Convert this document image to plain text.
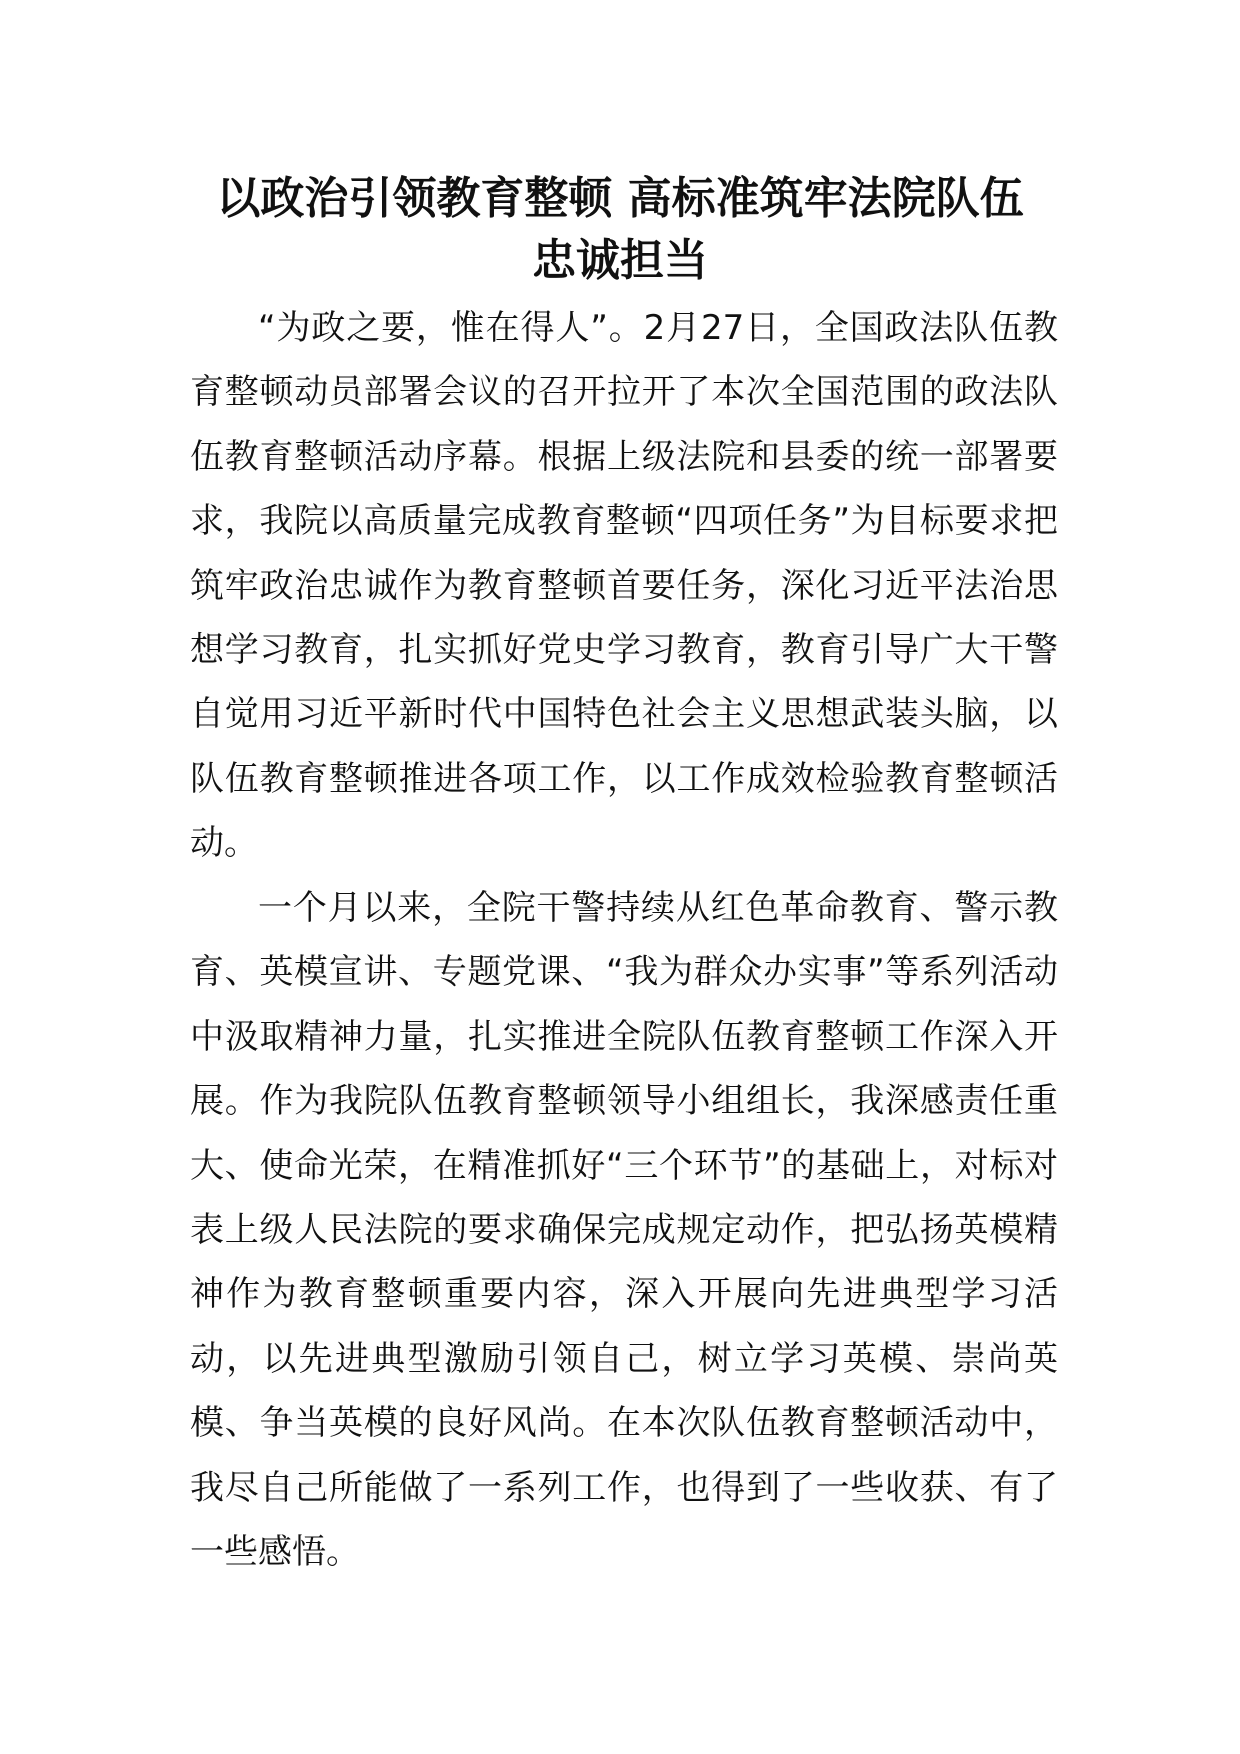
以政治引领教育整顿 高标准筑牢法院队伍
忠诚担当

“为政之要，惟在得人”。2月27日，全国政法队伍教育整顿动员部署会议的召开拉开了本次全国范围的政法队伍教育整顿活动序幕。根据上级法院和县委的统一部署要求，我院以高质量完成教育整顿“四项任务”为目标要求把筑牢政治忠诚作为教育整顿首要任务，深化习近平法治思想学习教育，扎实抓好党史学习教育，教育引导广大干警自觉用习近平新时代中国特色社会主义思想武装头脑，以队伍教育整顿推进各项工作，以工作成效检验教育整顿活动。

一个月以来，全院干警持续从红色革命教育、警示教育、英模宣讲、专题党课、“我为群众办实事”等系列活动中汲取精神力量，扎实推进全院队伍教育整顿工作深入开展。作为我院队伍教育整顿领导小组组长，我深感责任重大、使命光荣，在精准抓好“三个环节”的基础上，对标对表上级人民法院的要求确保完成规定动作，把弘扬英模精神作为教育整顿重要内容，深入开展向先进典型学习活动，以先进典型激励引领自己，树立学习英模、崇尚英模、争当英模的良好风尚。在本次队伍教育整顿活动中，我尽自己所能做了一系列工作，也得到了一些收获、有了一些感悟。
